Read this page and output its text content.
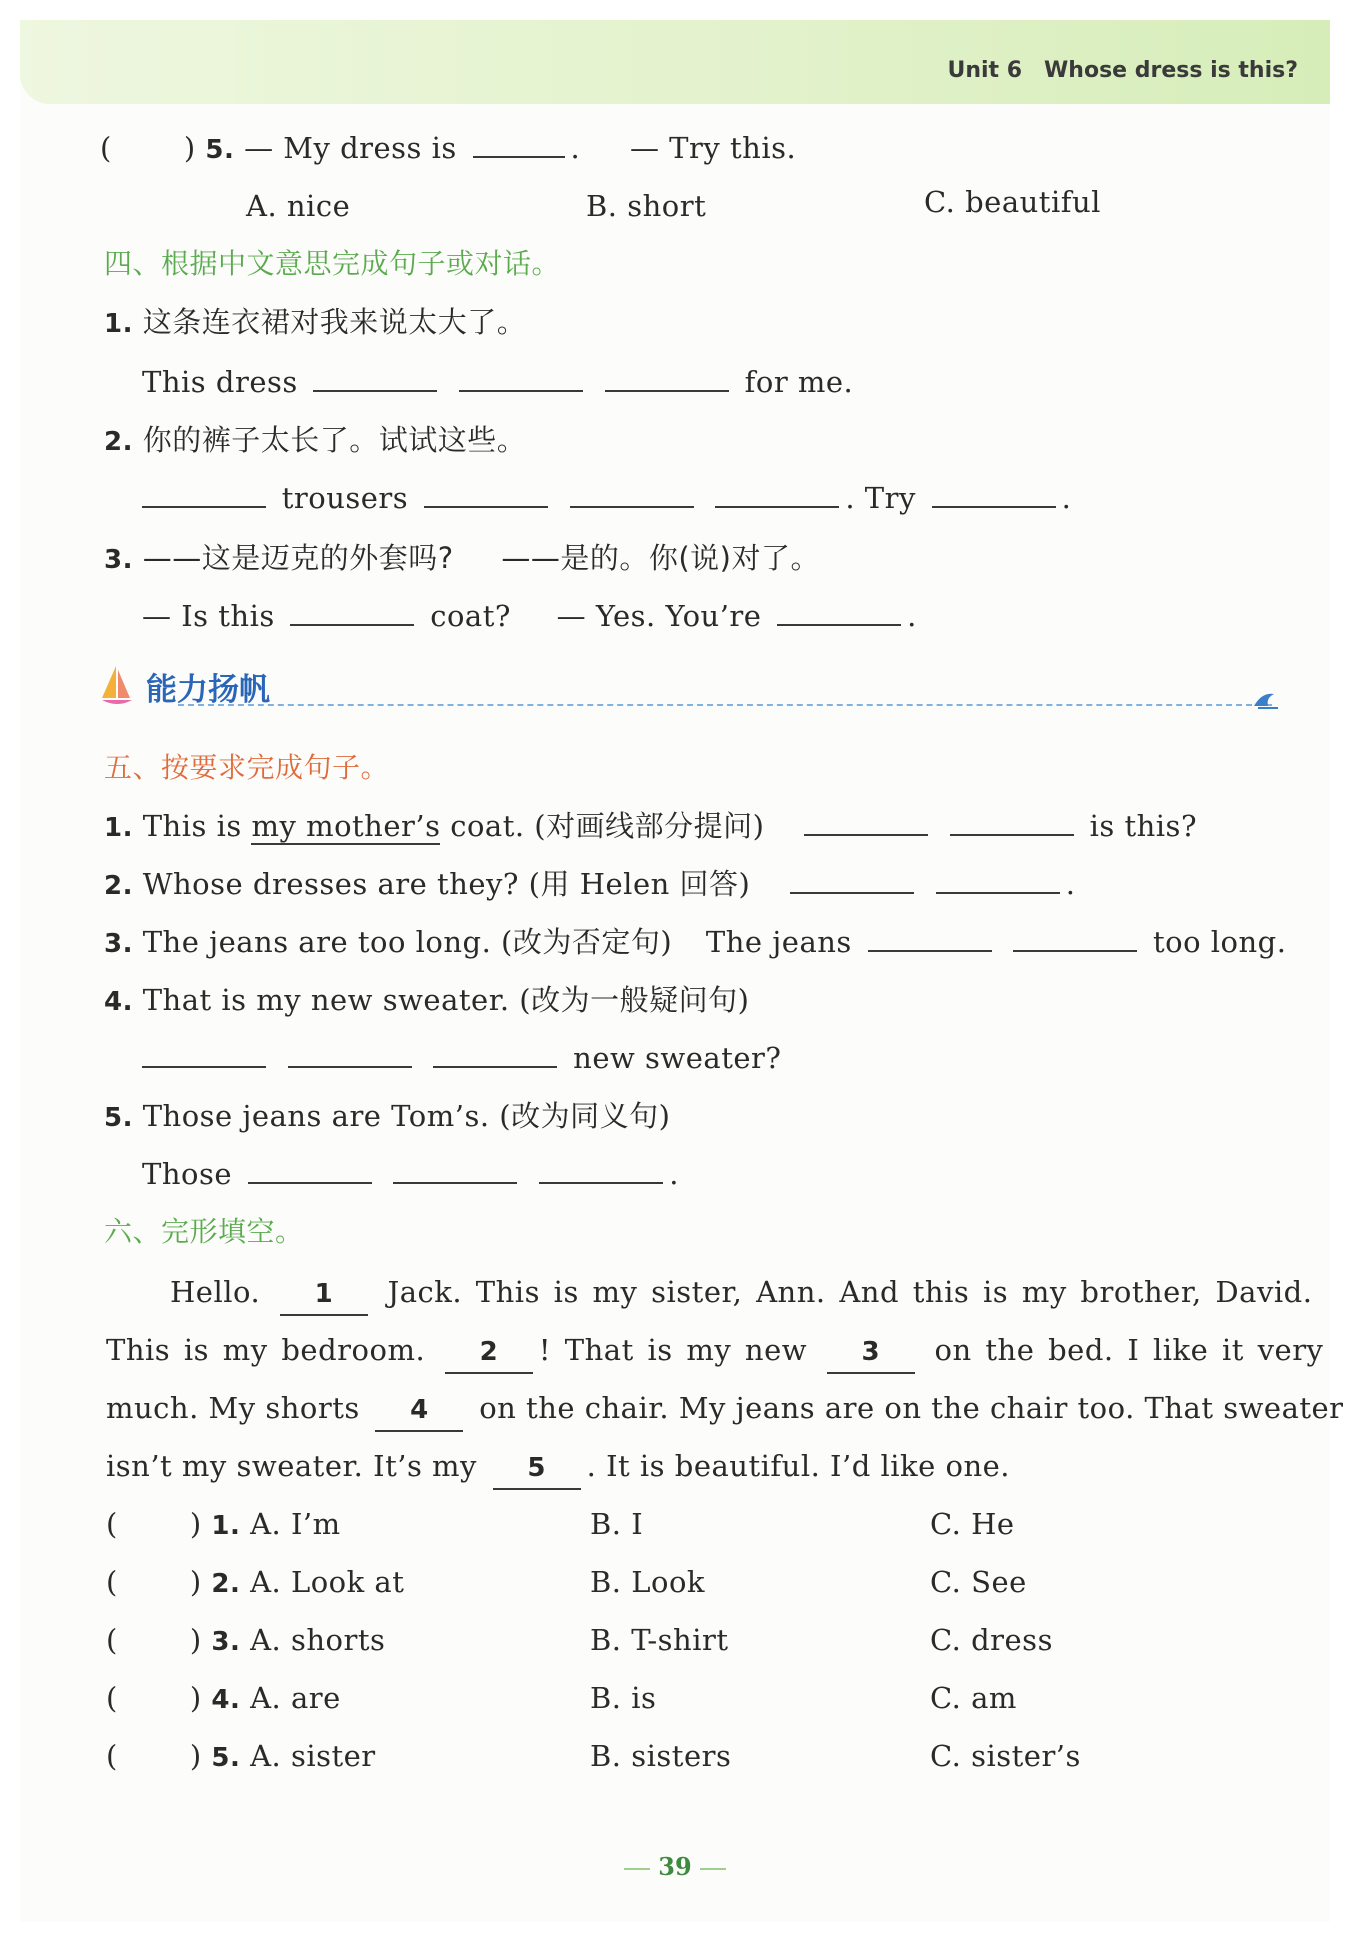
Unit 6 Whose dress is this?
( ) 5. — My dress is	. — Try this.
A. nice	B. short	C. beautiful
四、根据中文意思完成句子或对话。
1. 这条连衣裙对我来说太大了。
This dress	for me.
2. 你的裤子太长了。试试这些。
trousers	. Try	.
3. ——这是迈克的外套吗? ——是的。你(说)对了。
— Is this	coat? — Yes. You’re	.
能力扬帆
五、按要求完成句子。
1. This is my mother’s coat. (对画线部分提问)	is this?
2. Whose dresses are they? (用 Helen 回答)	.
3. The jeans are too long. (改为否定句) The jeans	too long.
4. That is my new sweater. (改为一般疑问句)
new sweater?
5. Those jeans are Tom’s. (改为同义句)
Those	.
六、完形填空。
Hello. 1 Jack. This is my sister, Ann. And this is my brother, David.
This is my bedroom. 2 ! That is my new 3 on the bed. I like it very
much. My shorts 4 on the chair. My jeans are on the chair too. That sweater
isn’t my sweater. It’s my 5 . It is beautiful. I’d like one.
( ) 1. A. I’m	B. I	C. He
( ) 2. A. Look at	B. Look	C. See
( ) 3. A. shorts	B. T-shirt	C. dress
( ) 4. A. are	B. is	C. am
( ) 5. A. sister	B. sisters	C. sister’s
39
